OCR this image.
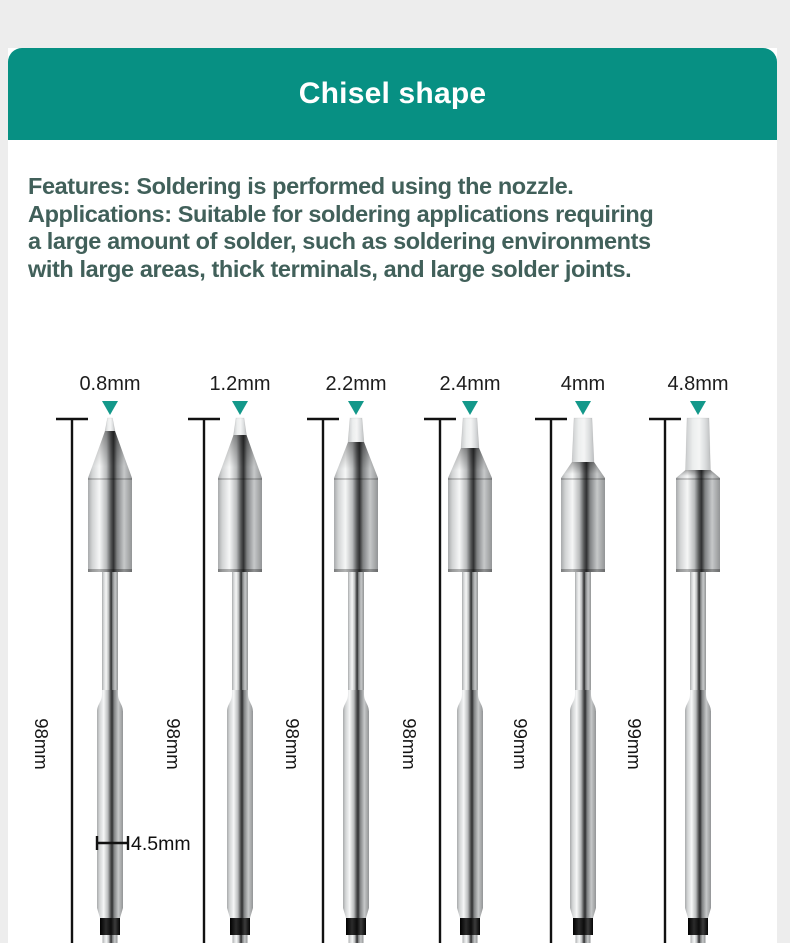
Chisel shape
Features: Soldering is performed using the nozzle.
Applications: Suitable for soldering applications requiring
a large amount of solder, such as soldering environments
with large areas, thick terminals, and large solder joints.
0.8mm
98mm
1.2mm
98mm
2.2mm
98mm
2.4mm
98mm
4mm
99mm
4.8mm
99mm
4.5mm
